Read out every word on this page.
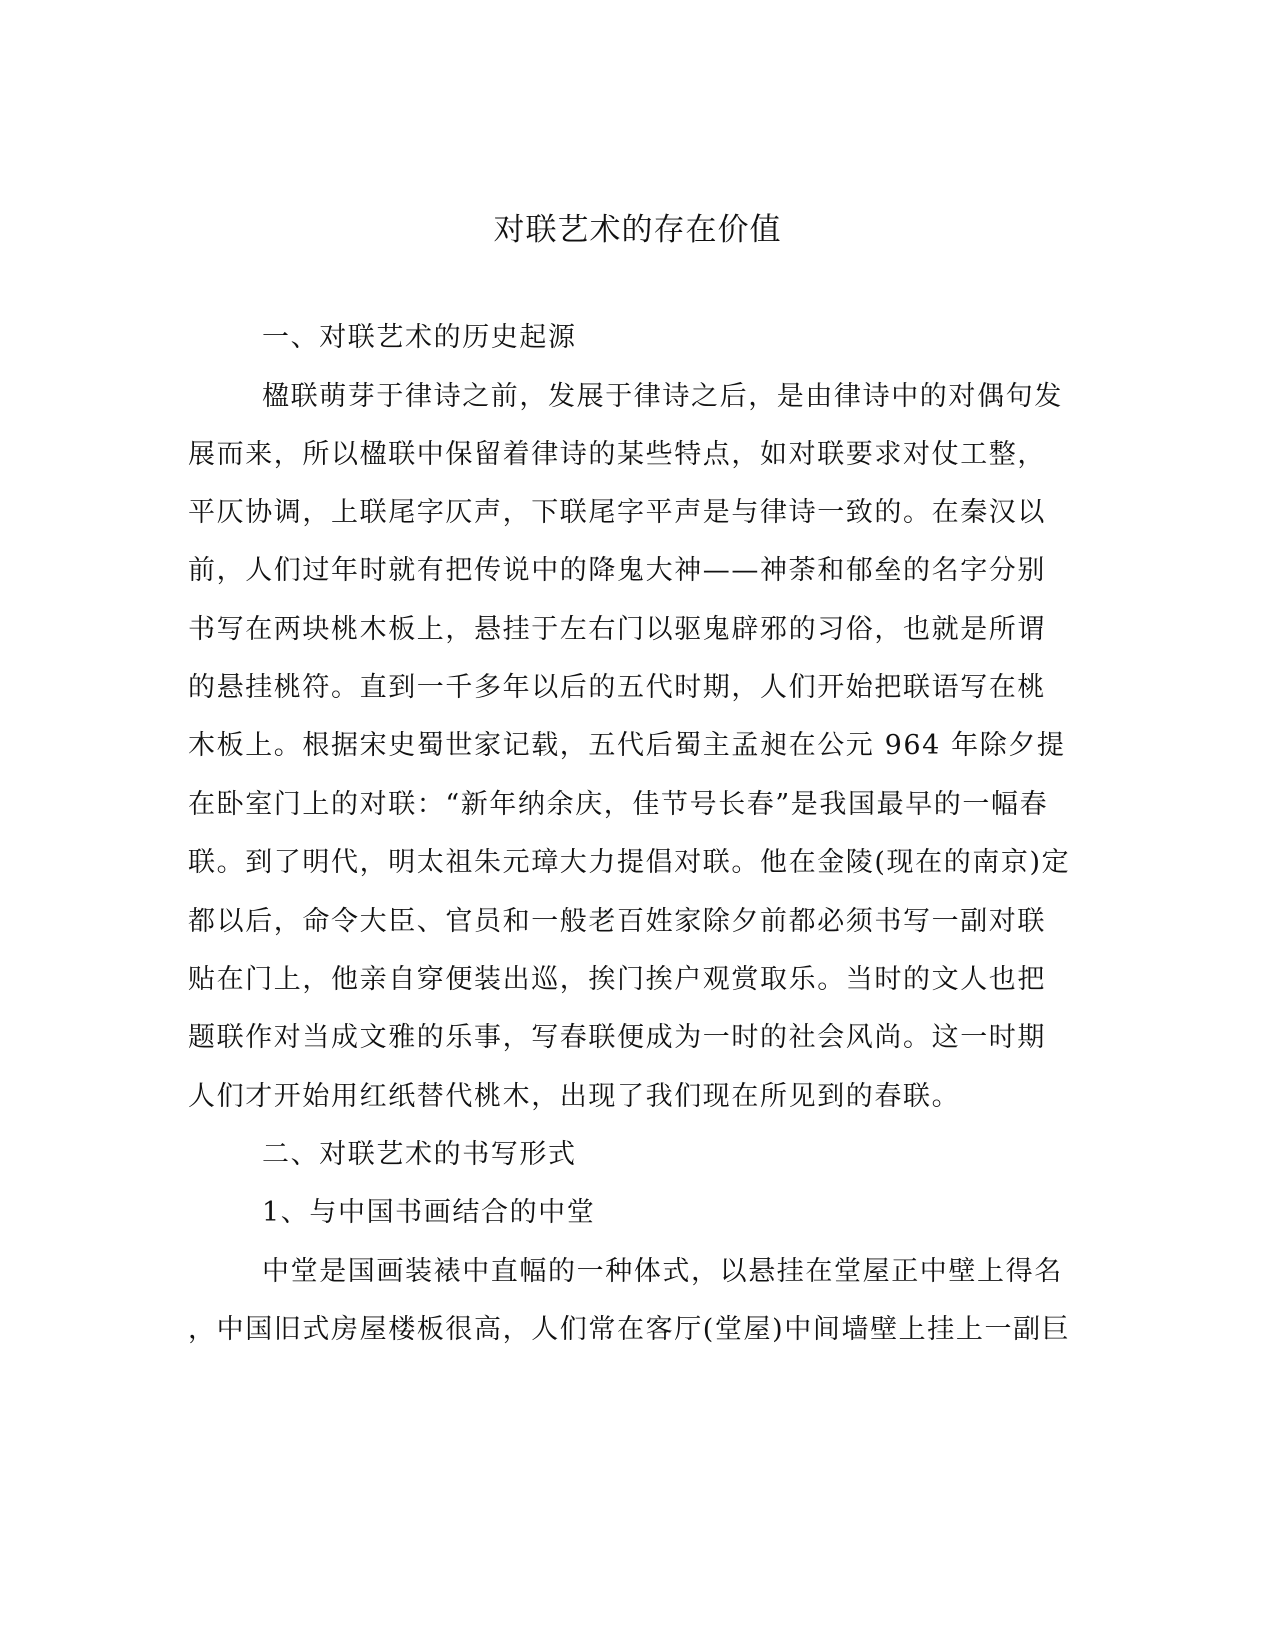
对联艺术的存在价值
一、对联艺术的历史起源
楹联萌芽于律诗之前，发展于律诗之后，是由律诗中的对偶句发
展而来，所以楹联中保留着律诗的某些特点，如对联要求对仗工整，
平仄协调，上联尾字仄声，下联尾字平声是与律诗一致的。在秦汉以
前，人们过年时就有把传说中的降鬼大神——神荼和郁垒的名字分别
书写在两块桃木板上，悬挂于左右门以驱鬼辟邪的习俗，也就是所谓
的悬挂桃符。直到一千多年以后的五代时期，人们开始把联语写在桃
木板上。根据宋史蜀世家记载，五代后蜀主孟昶在公元 964 年除夕提
在卧室门上的对联：“新年纳余庆，佳节号长春”是我国最早的一幅春
联。到了明代，明太祖朱元璋大力提倡对联。他在金陵(现在的南京)定
都以后，命令大臣、官员和一般老百姓家除夕前都必须书写一副对联
贴在门上，他亲自穿便装出巡，挨门挨户观赏取乐。当时的文人也把
题联作对当成文雅的乐事，写春联便成为一时的社会风尚。这一时期
人们才开始用红纸替代桃木，出现了我们现在所见到的春联。
二、对联艺术的书写形式
1、与中国书画结合的中堂
中堂是国画装裱中直幅的一种体式，以悬挂在堂屋正中壁上得名
，中国旧式房屋楼板很高，人们常在客厅(堂屋)中间墙壁上挂上一副巨
